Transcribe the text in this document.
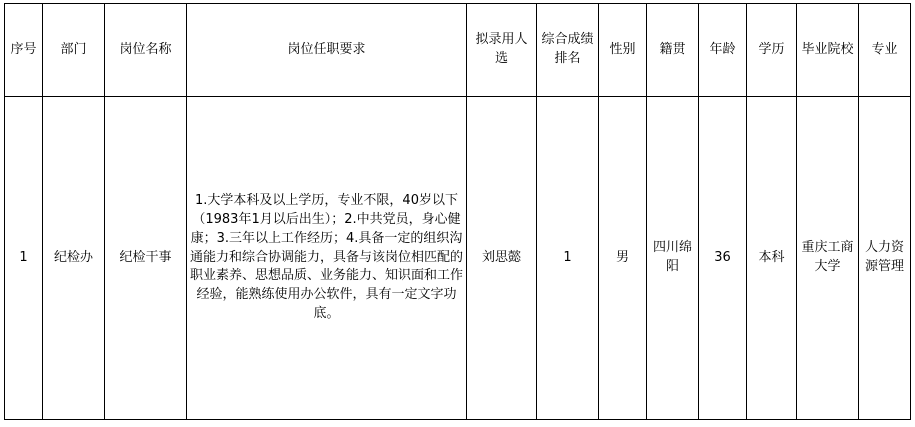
序号	部门	岗位名称	岗位任职要求	拟录用人选	综合成绩排名	性别	籍贯	年龄	学历	毕业院校	专业
1	纪检办	纪检干事	1.大学本科及以上学历，专业不限，40岁以下（1983年1月以后出生）；2.中共党员，身心健康；3.三年以上工作经历；4.具备一定的组织沟通能力和综合协调能力，具备与该岗位相匹配的职业素养、思想品质、业务能力、知识面和工作经验，能熟练使用办公软件，具有一定文字功底。	刘思懿	1	男	四川绵阳	36	本科	重庆工商大学	人力资源管理
